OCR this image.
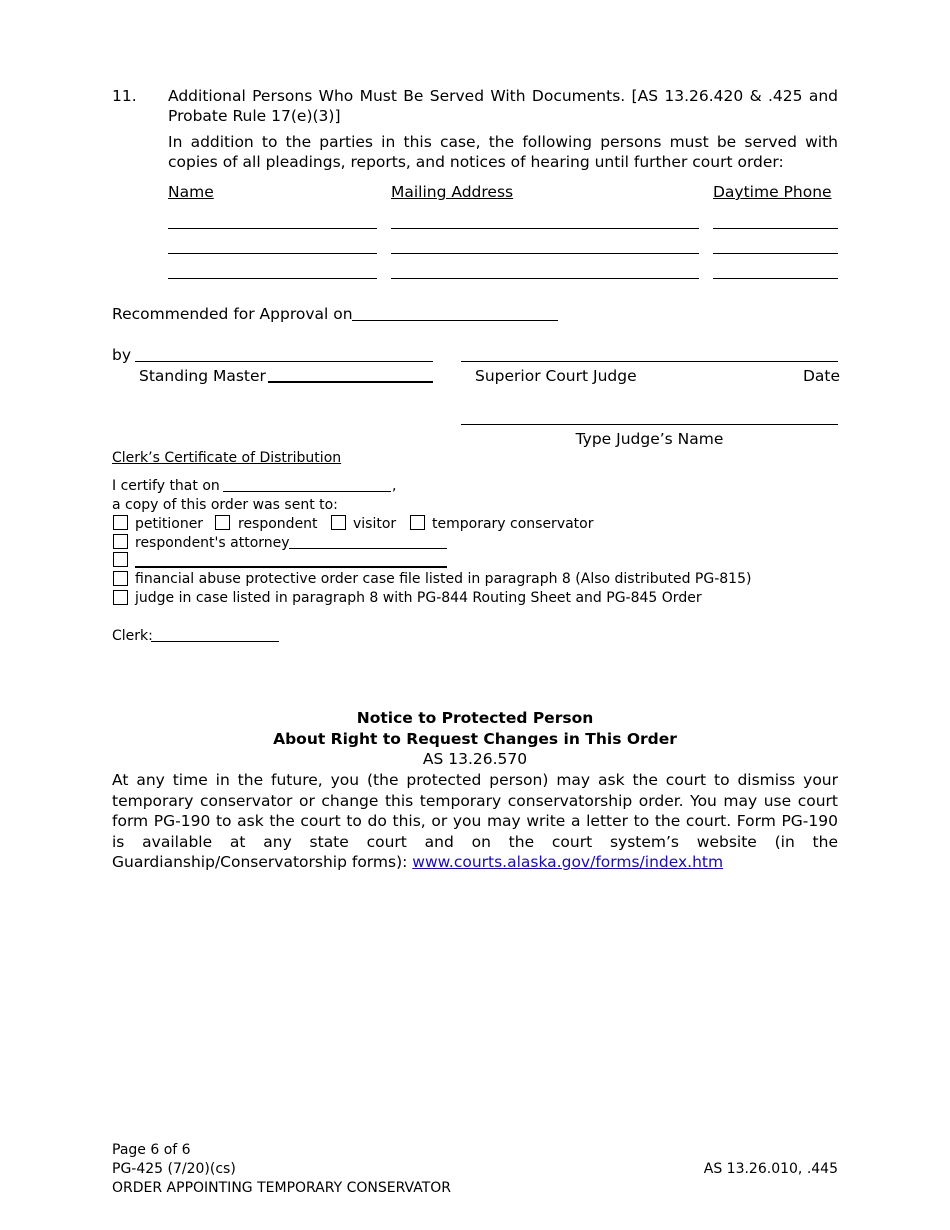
11. Additional Persons Who Must Be Served With Documents. [AS 13.26.420 & .425 and Probate Rule 17(e)(3)]
In addition to the parties in this case, the following persons must be served with copies of all pleadings, reports, and notices of hearing until further court order:
Name	Mailing Address	Daytime Phone
Recommended for Approval on
by
Standing Master	Superior Court Judge	Date
Type Judge’s Name
Clerk’s Certificate of Distribution
I certify that on	,
a copy of this order was sent to:
petitioner respondent	visitor	temporary conservator
respondent's attorney
financial abuse protective order case file listed in paragraph 8 (Also distributed PG-815)
judge in case listed in paragraph 8 with PG-844 Routing Sheet and PG-845 Order
Clerk:
Notice to Protected Person
About Right to Request Changes in This Order
AS 13.26.570
At any time in the future, you (the protected person) may ask the court to dismiss your temporary conservator or change this temporary conservatorship order. You may use court form PG-190 to ask the court to do this, or you may write a letter to the court. Form PG-190 is available at any state court and on the court system’s website (in the Guardianship/Conservatorship forms): www.courts.alaska.gov/forms/index.htm
Page 6 of 6
PG-425 (7/20)(cs)	AS 13.26.010, .445
ORDER APPOINTING TEMPORARY CONSERVATOR
